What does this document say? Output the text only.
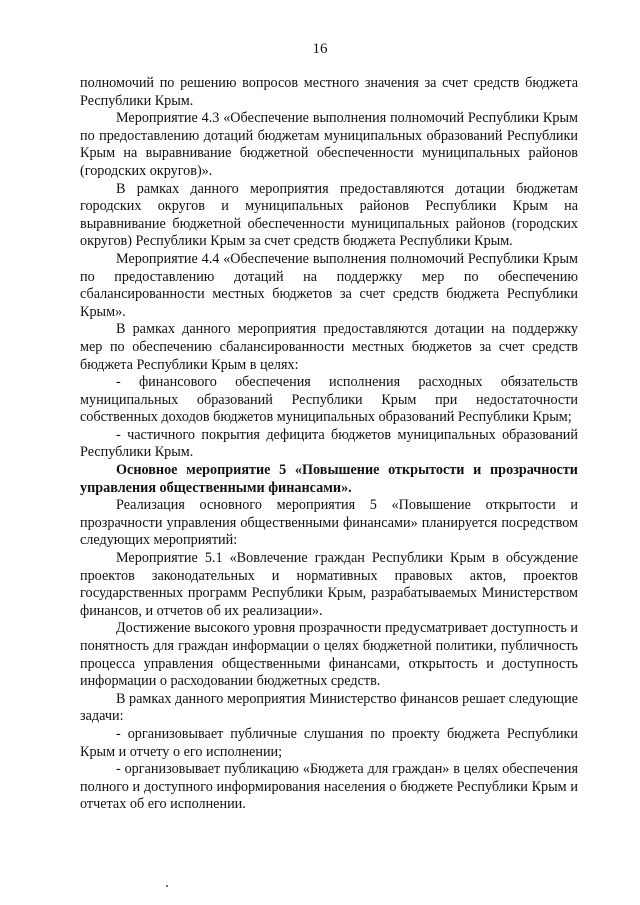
16

полномочий по решению вопросов местного значения за счет средств бюджета Республики Крым.

Мероприятие 4.3 «Обеспечение выполнения полномочий Республики Крым по предоставлению дотаций бюджетам муниципальных образований Республики Крым на выравнивание бюджетной обеспеченности муниципальных районов (городских округов)».

В рамках данного мероприятия предоставляются дотации бюджетам городских округов и муниципальных районов Республики Крым на выравнивание бюджетной обеспеченности муниципальных районов (городских округов) Республики Крым за счет средств бюджета Республики Крым.

Мероприятие 4.4 «Обеспечение выполнения полномочий Республики Крым по предоставлению дотаций на поддержку мер по обеспечению сбалансированности местных бюджетов за счет средств бюджета Республики Крым».

В рамках данного мероприятия предоставляются дотации на поддержку мер по обеспечению сбалансированности местных бюджетов за счет средств бюджета Республики Крым в целях:

- финансового обеспечения исполнения расходных обязательств муниципальных образований Республики Крым при недостаточности собственных доходов бюджетов муниципальных образований Республики Крым;

- частичного покрытия дефицита бюджетов муниципальных образований Республики Крым.

Основное мероприятие 5 «Повышение открытости и прозрачности управления общественными финансами».

Реализация основного мероприятия 5 «Повышение открытости и прозрачности управления общественными финансами» планируется посредством следующих мероприятий:

Мероприятие 5.1 «Вовлечение граждан Республики Крым в обсуждение проектов законодательных и нормативных правовых актов, проектов государственных программ Республики Крым, разрабатываемых Министерством финансов, и отчетов об их реализации».

Достижение высокого уровня прозрачности предусматривает доступность и понятность для граждан информации о целях бюджетной политики, публичность процесса управления общественными финансами, открытость и доступность информации о расходовании бюджетных средств.

В рамках данного мероприятия Министерство финансов решает следующие задачи:

- организовывает публичные слушания по проекту бюджета Республики Крым и отчету о его исполнении;

- организовывает публикацию «Бюджета для граждан» в целях обеспечения полного и доступного информирования населения о бюджете Республики Крым и отчетах об его исполнении.
